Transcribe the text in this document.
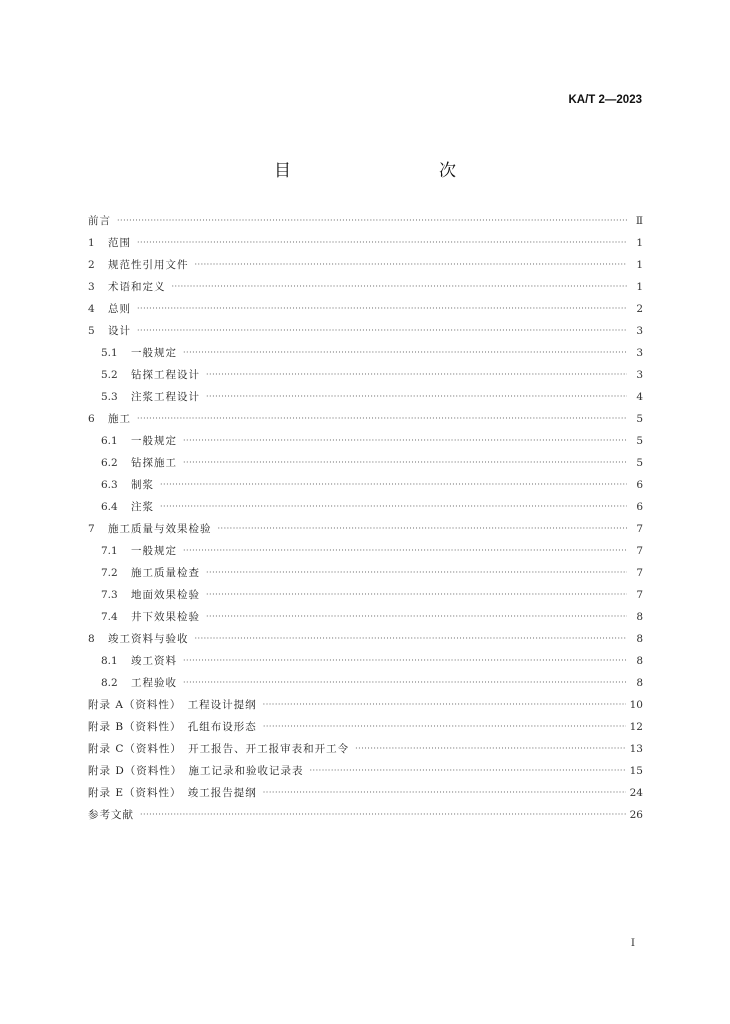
KA/T 2—2023
目　　次
前言 ·····	Ⅱ
1	范围 ·····	1
2	规范性引用文件 ·····	1
3	术语和定义 ·····	1
4	总则 ·····	2
5	设计 ·····	3
5.1	一般规定 ·····	3
5.2	钻探工程设计 ·····	3
5.3	注浆工程设计 ·····	4
6	施工 ·····	5
6.1	一般规定 ·····	5
6.2	钻探施工 ·····	5
6.3	制浆 ·····	6
6.4	注浆 ·····	6
7	施工质量与效果检验 ·····	7
7.1	一般规定 ·····	7
7.2	施工质量检查 ·····	7
7.3	地面效果检验 ·····	7
7.4	井下效果检验 ·····	8
8	竣工资料与验收 ·····	8
8.1	竣工资料 ·····	8
8.2	工程验收 ·····	8
附录 A（资料性）　工程设计提纲 ·····	10
附录 B（资料性）　孔组布设形态 ·····	12
附录 C（资料性）　开工报告、开工报审表和开工令 ·····	13
附录 D（资料性）　施工记录和验收记录表 ·····	15
附录 E（资料性）　竣工报告提纲 ·····	24
参考文献 ·····	26
I
